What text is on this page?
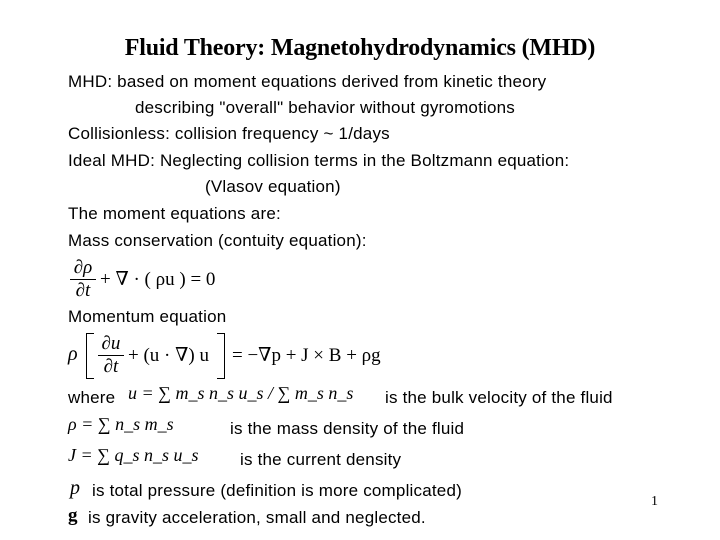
Fluid Theory: Magnetohydrodynamics (MHD)
MHD: based on moment equations derived from kinetic theory
describing "overall" behavior without gyromotions
Collisionless: collision frequency ~ 1/days
Ideal MHD: Neglecting collision terms in the Boltzmann equation:
(Vlasov equation)
The moment equations are:
Mass conservation (contuity equation):
∂ρ
∂t
+ ∇ · ( ρu ) = 0
Momentum equation
ρ ∂u
∂t
+ (u · ∇) u = −∇p + J × B + ρg
where u = ∑ m_s n_s u_s / ∑ m_s n_s is the bulk velocity of the fluid
ρ = ∑ n_s m_s	is the mass density of the fluid
J = ∑ q_s n_s u_s is the current density
p is total pressure (definition is more complicated)
g is gravity acceleration, small and neglected.
1
